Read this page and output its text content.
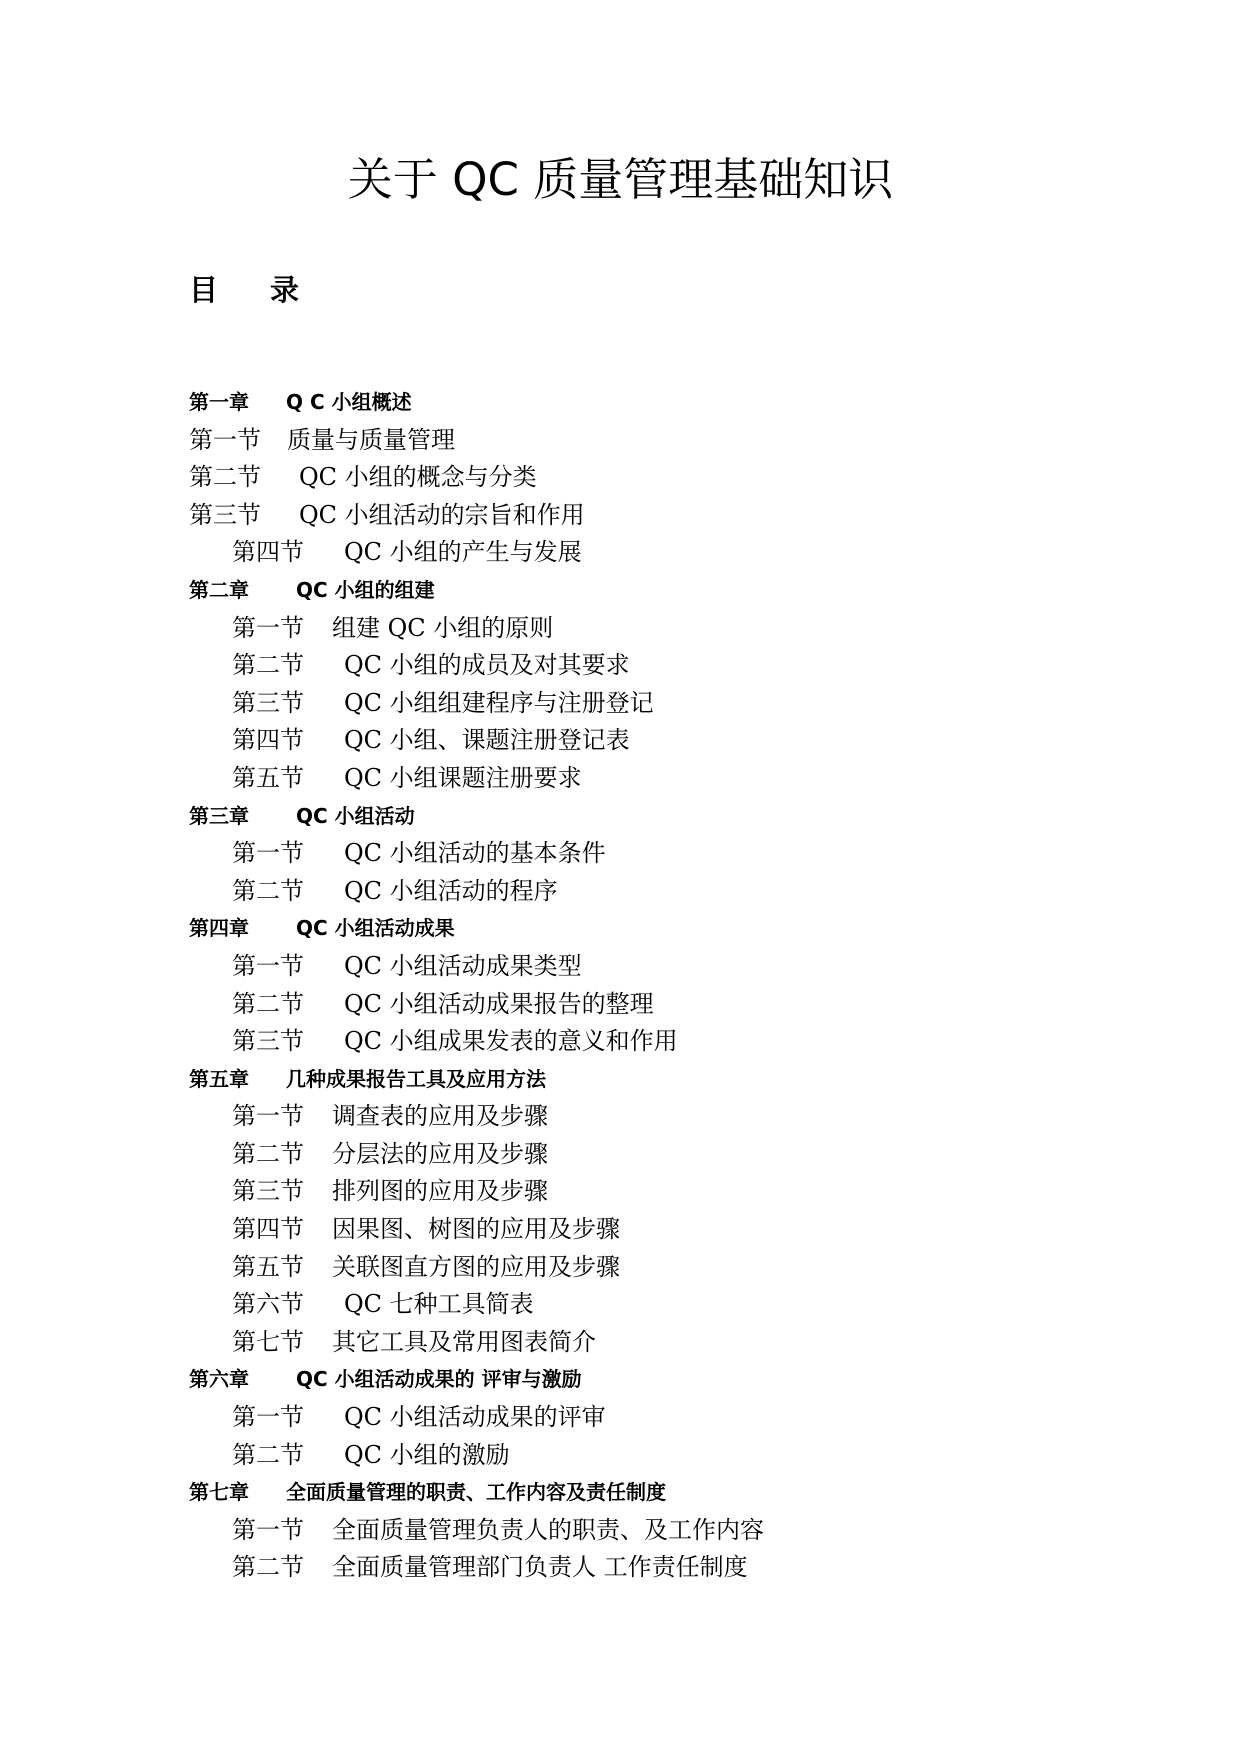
关于 QC 质量管理基础知识
目 录
第一章 Q C 小组概述
第一节 质量与质量管理
第二节 QC 小组的概念与分类
第三节 QC 小组活动的宗旨和作用
第四节 QC 小组的产生与发展
第二章 QC 小组的组建
第一节 组建 QC 小组的原则
第二节 QC 小组的成员及对其要求
第三节 QC 小组组建程序与注册登记
第四节 QC 小组、课题注册登记表
第五节 QC 小组课题注册要求
第三章 QC 小组活动
第一节 QC 小组活动的基本条件
第二节 QC 小组活动的程序
第四章 QC 小组活动成果
第一节 QC 小组活动成果类型
第二节 QC 小组活动成果报告的整理
第三节 QC 小组成果发表的意义和作用
第五章 几种成果报告工具及应用方法
第一节 调查表的应用及步骤
第二节 分层法的应用及步骤
第三节 排列图的应用及步骤
第四节 因果图、树图的应用及步骤
第五节 关联图直方图的应用及步骤
第六节 QC 七种工具简表
第七节 其它工具及常用图表简介
第六章 QC 小组活动成果的 评审与激励
第一节 QC 小组活动成果的评审
第二节 QC 小组的激励
第七章 全面质量管理的职责、工作内容及责任制度
第一节 全面质量管理负责人的职责、及工作内容
第二节 全面质量管理部门负责人 工作责任制度
